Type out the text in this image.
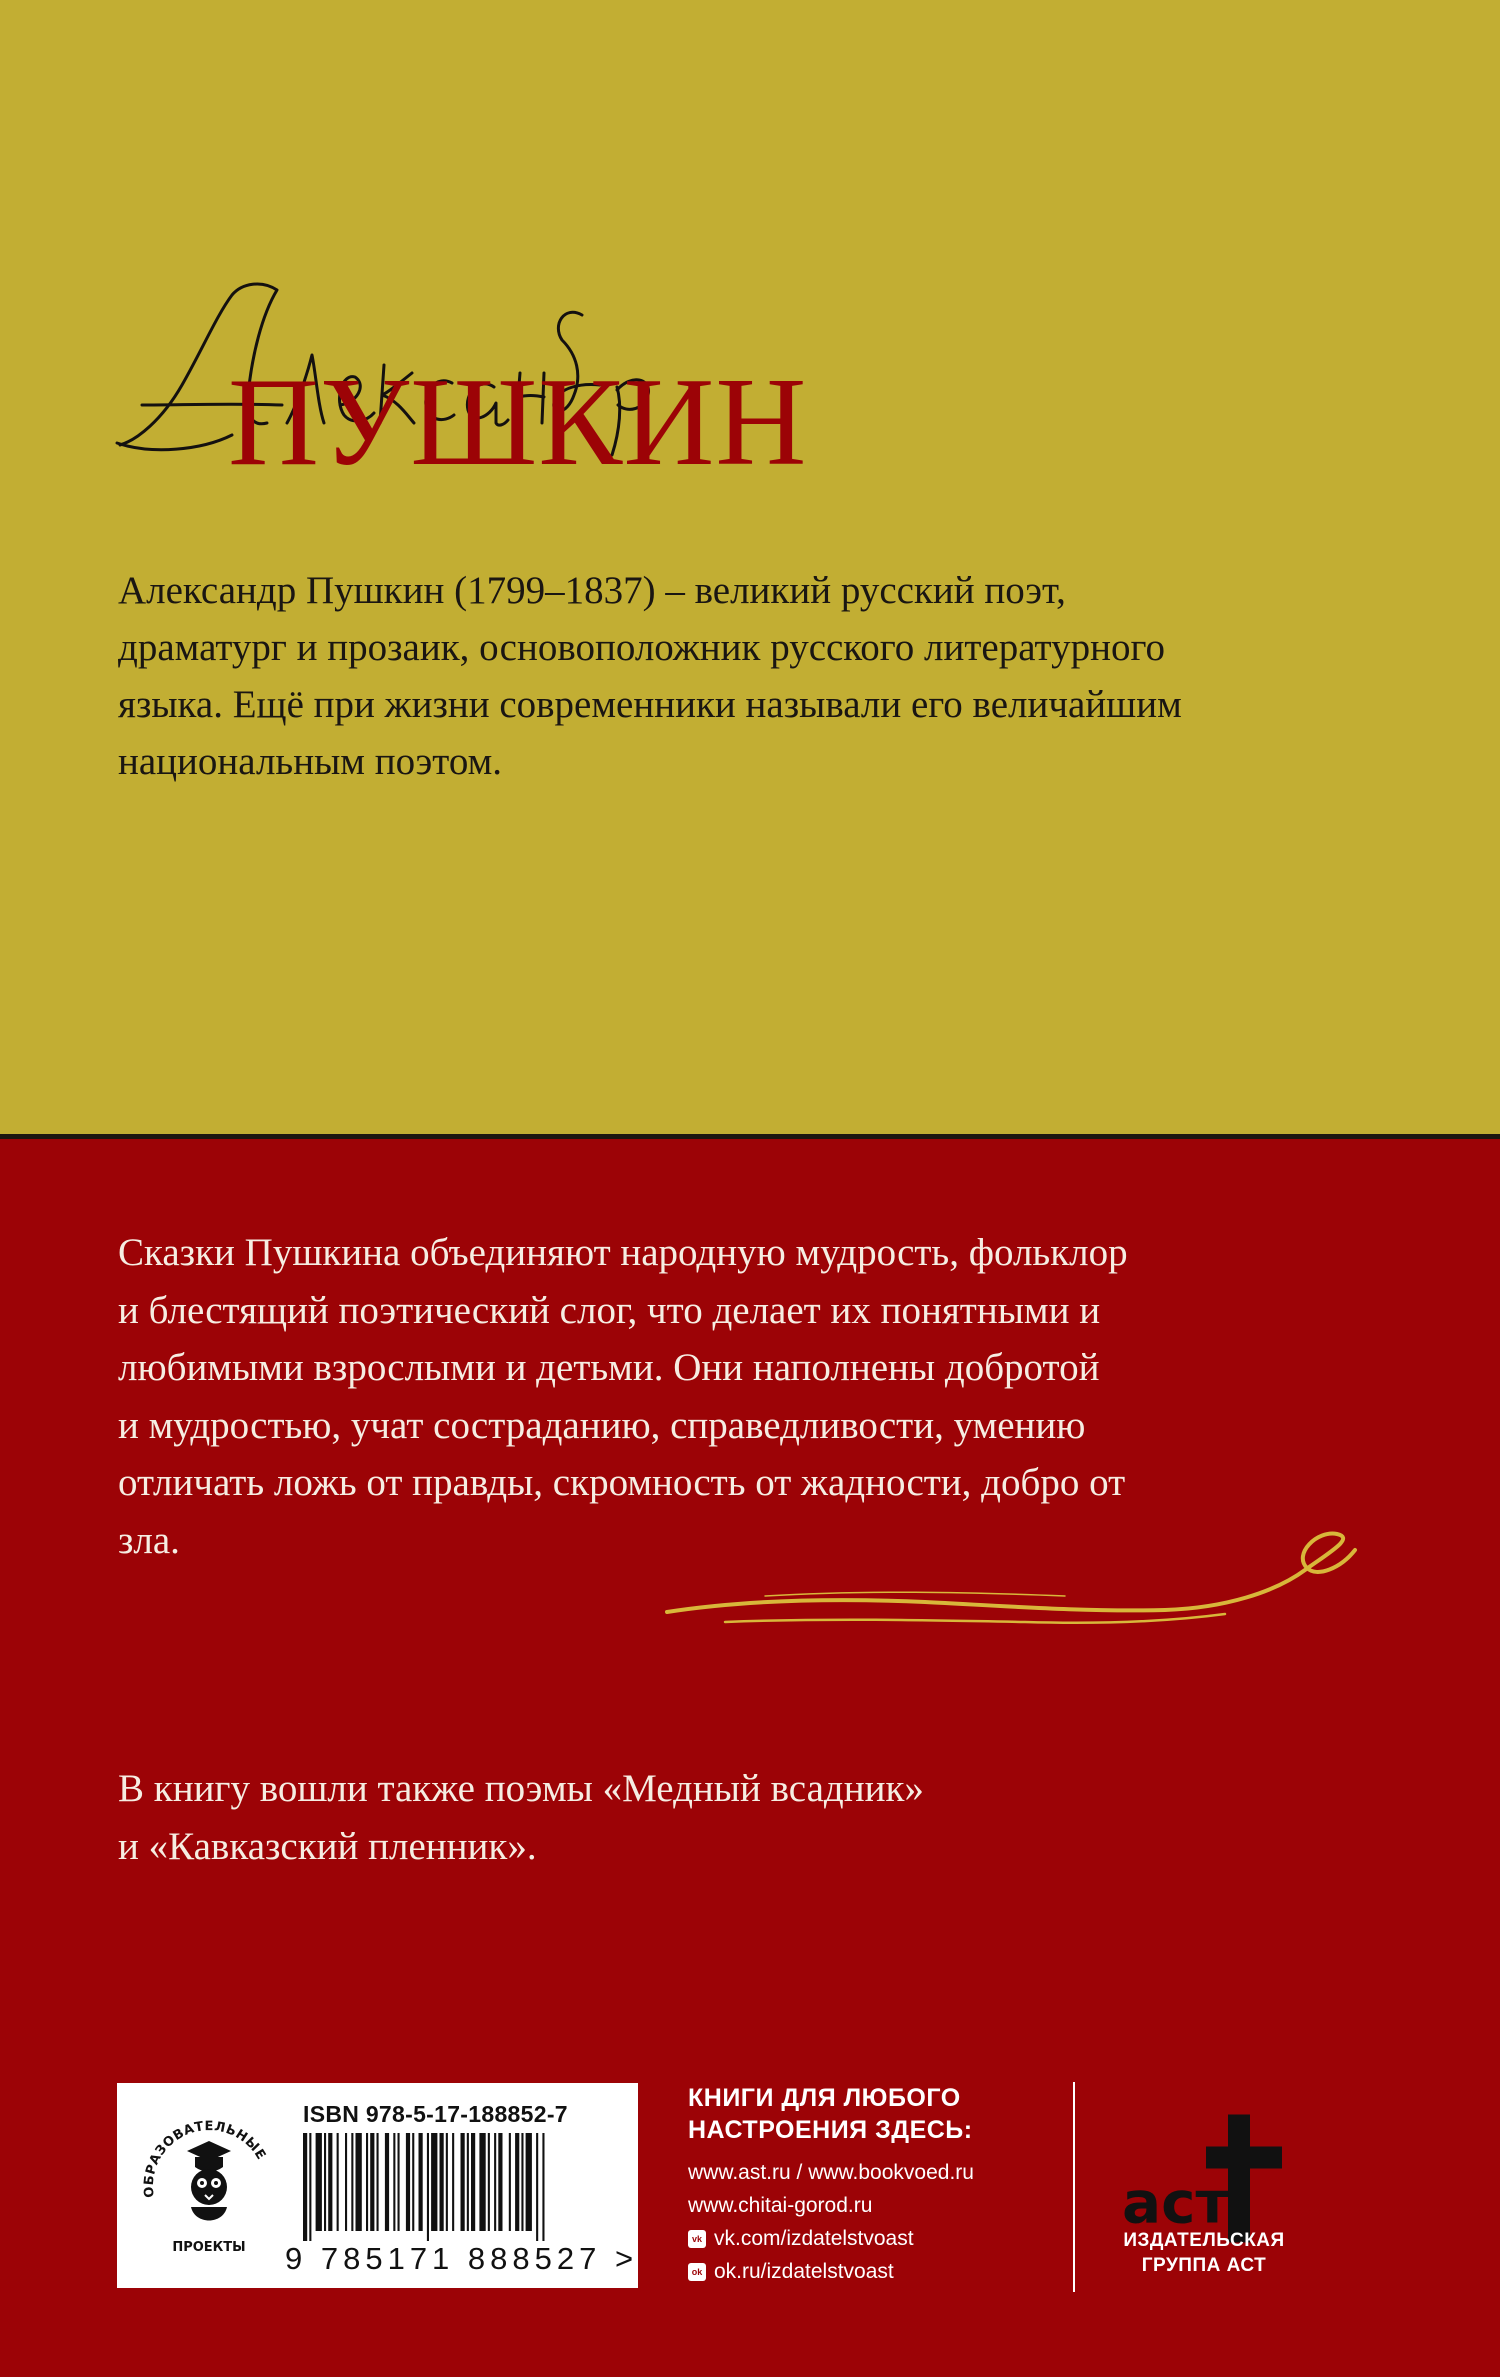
ПУШКИН
Александр Пушкин (1799–1837) – великий русский поэт,
драматург и прозаик, основоположник русского литературного
языка. Ещё при жизни современники называли его величайшим
национальным поэтом.
Сказки Пушкина объединяют народную мудрость, фольклор
и блестящий поэтический слог, что делает их понятными и
любимыми взрослыми и детьми. Они наполнены добротой
и мудростью, учат состраданию, справедливости, умению
отличать ложь от правды, скромность от жадности, добро от
зла.
В книгу вошли также поэмы «Медный всадник»
и «Кавказский пленник».
ОБРАЗОВАТЕЛЬНЫЕ
ПРОЕКТЫ
ISBN 978-5-17-188852-7
9 785171 888527 >
КНИГИ ДЛЯ ЛЮБОГО
НАСТРОЕНИЯ ЗДЕСЬ:
www.ast.ru / www.bookvoed.ru
www.chitai-gorod.ru
vk vk.com/izdatelstvoast
ok ok.ru/izdatelstvoast
аст
ИЗДАТЕЛЬСКАЯ
ГРУППА АСТ
